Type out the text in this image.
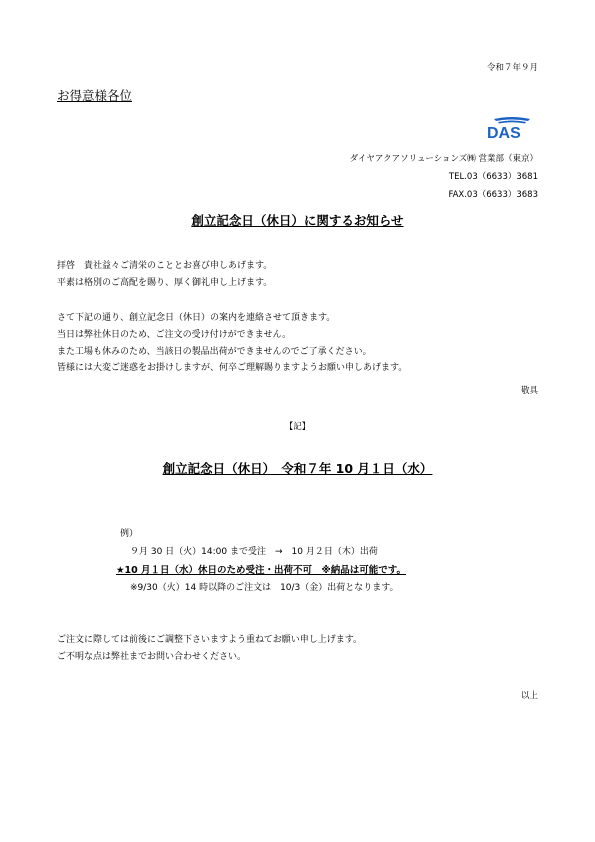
令和７年９月
お得意様各位
DAS
ダイヤアクアソリューションズ㈱ 営業部（東京）
TEL.03（6633）3681
FAX.03（6633）3683
創立記念日（休日）に関するお知らせ
拝啓　貴社益々ご清栄のこととお喜び申しあげます。
平素は格別のご高配を賜り、厚く御礼申し上げます。
さて下記の通り、創立記念日（休日）の案内を連絡させて頂きます。
当日は弊社休日のため、ご注文の受け付けができません。
また工場も休みのため、当該日の製品出荷ができませんのでご了承ください。
皆様には大変ご迷惑をお掛けしますが、何卒ご理解賜りますようお願い申しあげます。
敬具
【記】
創立記念日（休日）　令和７年 10 月１日（水）
例）
９月 30 日（火）14:00 まで受注　→　10 月２日（木）出荷
★10 月１日（水）休日のため受注・出荷不可　※納品は可能です。
※9/30（火）14 時以降のご注文は　10/3（金）出荷となります。
ご注文に際しては前後にご調整下さいますよう重ねてお願い申し上げます。
ご不明な点は弊社までお問い合わせください。
以上
